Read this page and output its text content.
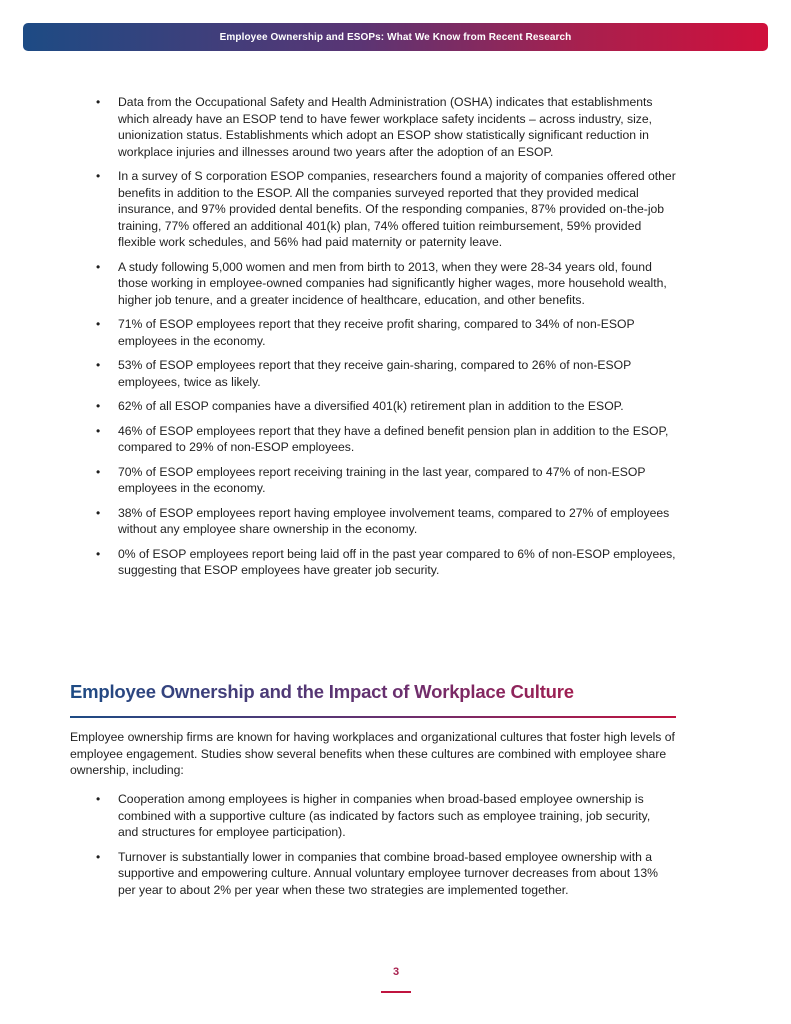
Employee Ownership and ESOPs: What We Know from Recent Research
• Data from the Occupational Safety and Health Administration (OSHA) indicates that establishments which already have an ESOP tend to have fewer workplace safety incidents – across industry, size, unionization status. Establishments which adopt an ESOP show statistically significant reduction in workplace injuries and illnesses around two years after the adoption of an ESOP.
• In a survey of S corporation ESOP companies, researchers found a majority of companies offered other benefits in addition to the ESOP. All the companies surveyed reported that they provided medical insurance, and 97% provided dental benefits. Of the responding companies, 87% provided on-the-job training, 77% offered an additional 401(k) plan, 74% offered tuition reimbursement, 59% provided flexible work schedules, and 56% had paid maternity or paternity leave.
• A study following 5,000 women and men from birth to 2013, when they were 28-34 years old, found those working in employee-owned companies had significantly higher wages, more household wealth, higher job tenure, and a greater incidence of healthcare, education, and other benefits.
• 71% of ESOP employees report that they receive profit sharing, compared to 34% of non-ESOP employees in the economy.
• 53% of ESOP employees report that they receive gain-sharing, compared to 26% of non-ESOP employees, twice as likely.
• 62% of all ESOP companies have a diversified 401(k) retirement plan in addition to the ESOP.
• 46% of ESOP employees report that they have a defined benefit pension plan in addition to the ESOP, compared to 29% of non-ESOP employees.
• 70% of ESOP employees report receiving training in the last year, compared to 47% of non-ESOP employees in the economy.
• 38% of ESOP employees report having employee involvement teams, compared to 27% of employees without any employee share ownership in the economy.
• 0% of ESOP employees report being laid off in the past year compared to 6% of non-ESOP employees, suggesting that ESOP employees have greater job security.
Employee Ownership and the Impact of Workplace Culture

Employee ownership firms are known for having workplaces and organizational cultures that foster high levels of employee engagement. Studies show several benefits when these cultures are combined with employee share ownership, including:

• Cooperation among employees is higher in companies when broad-based employee ownership is combined with a supportive culture (as indicated by factors such as employee training, job security, and structures for employee participation).
• Turnover is substantially lower in companies that combine broad-based employee ownership with a supportive and empowering culture. Annual voluntary employee turnover decreases from about 13% per year to about 2% per year when these two strategies are implemented together.
3
